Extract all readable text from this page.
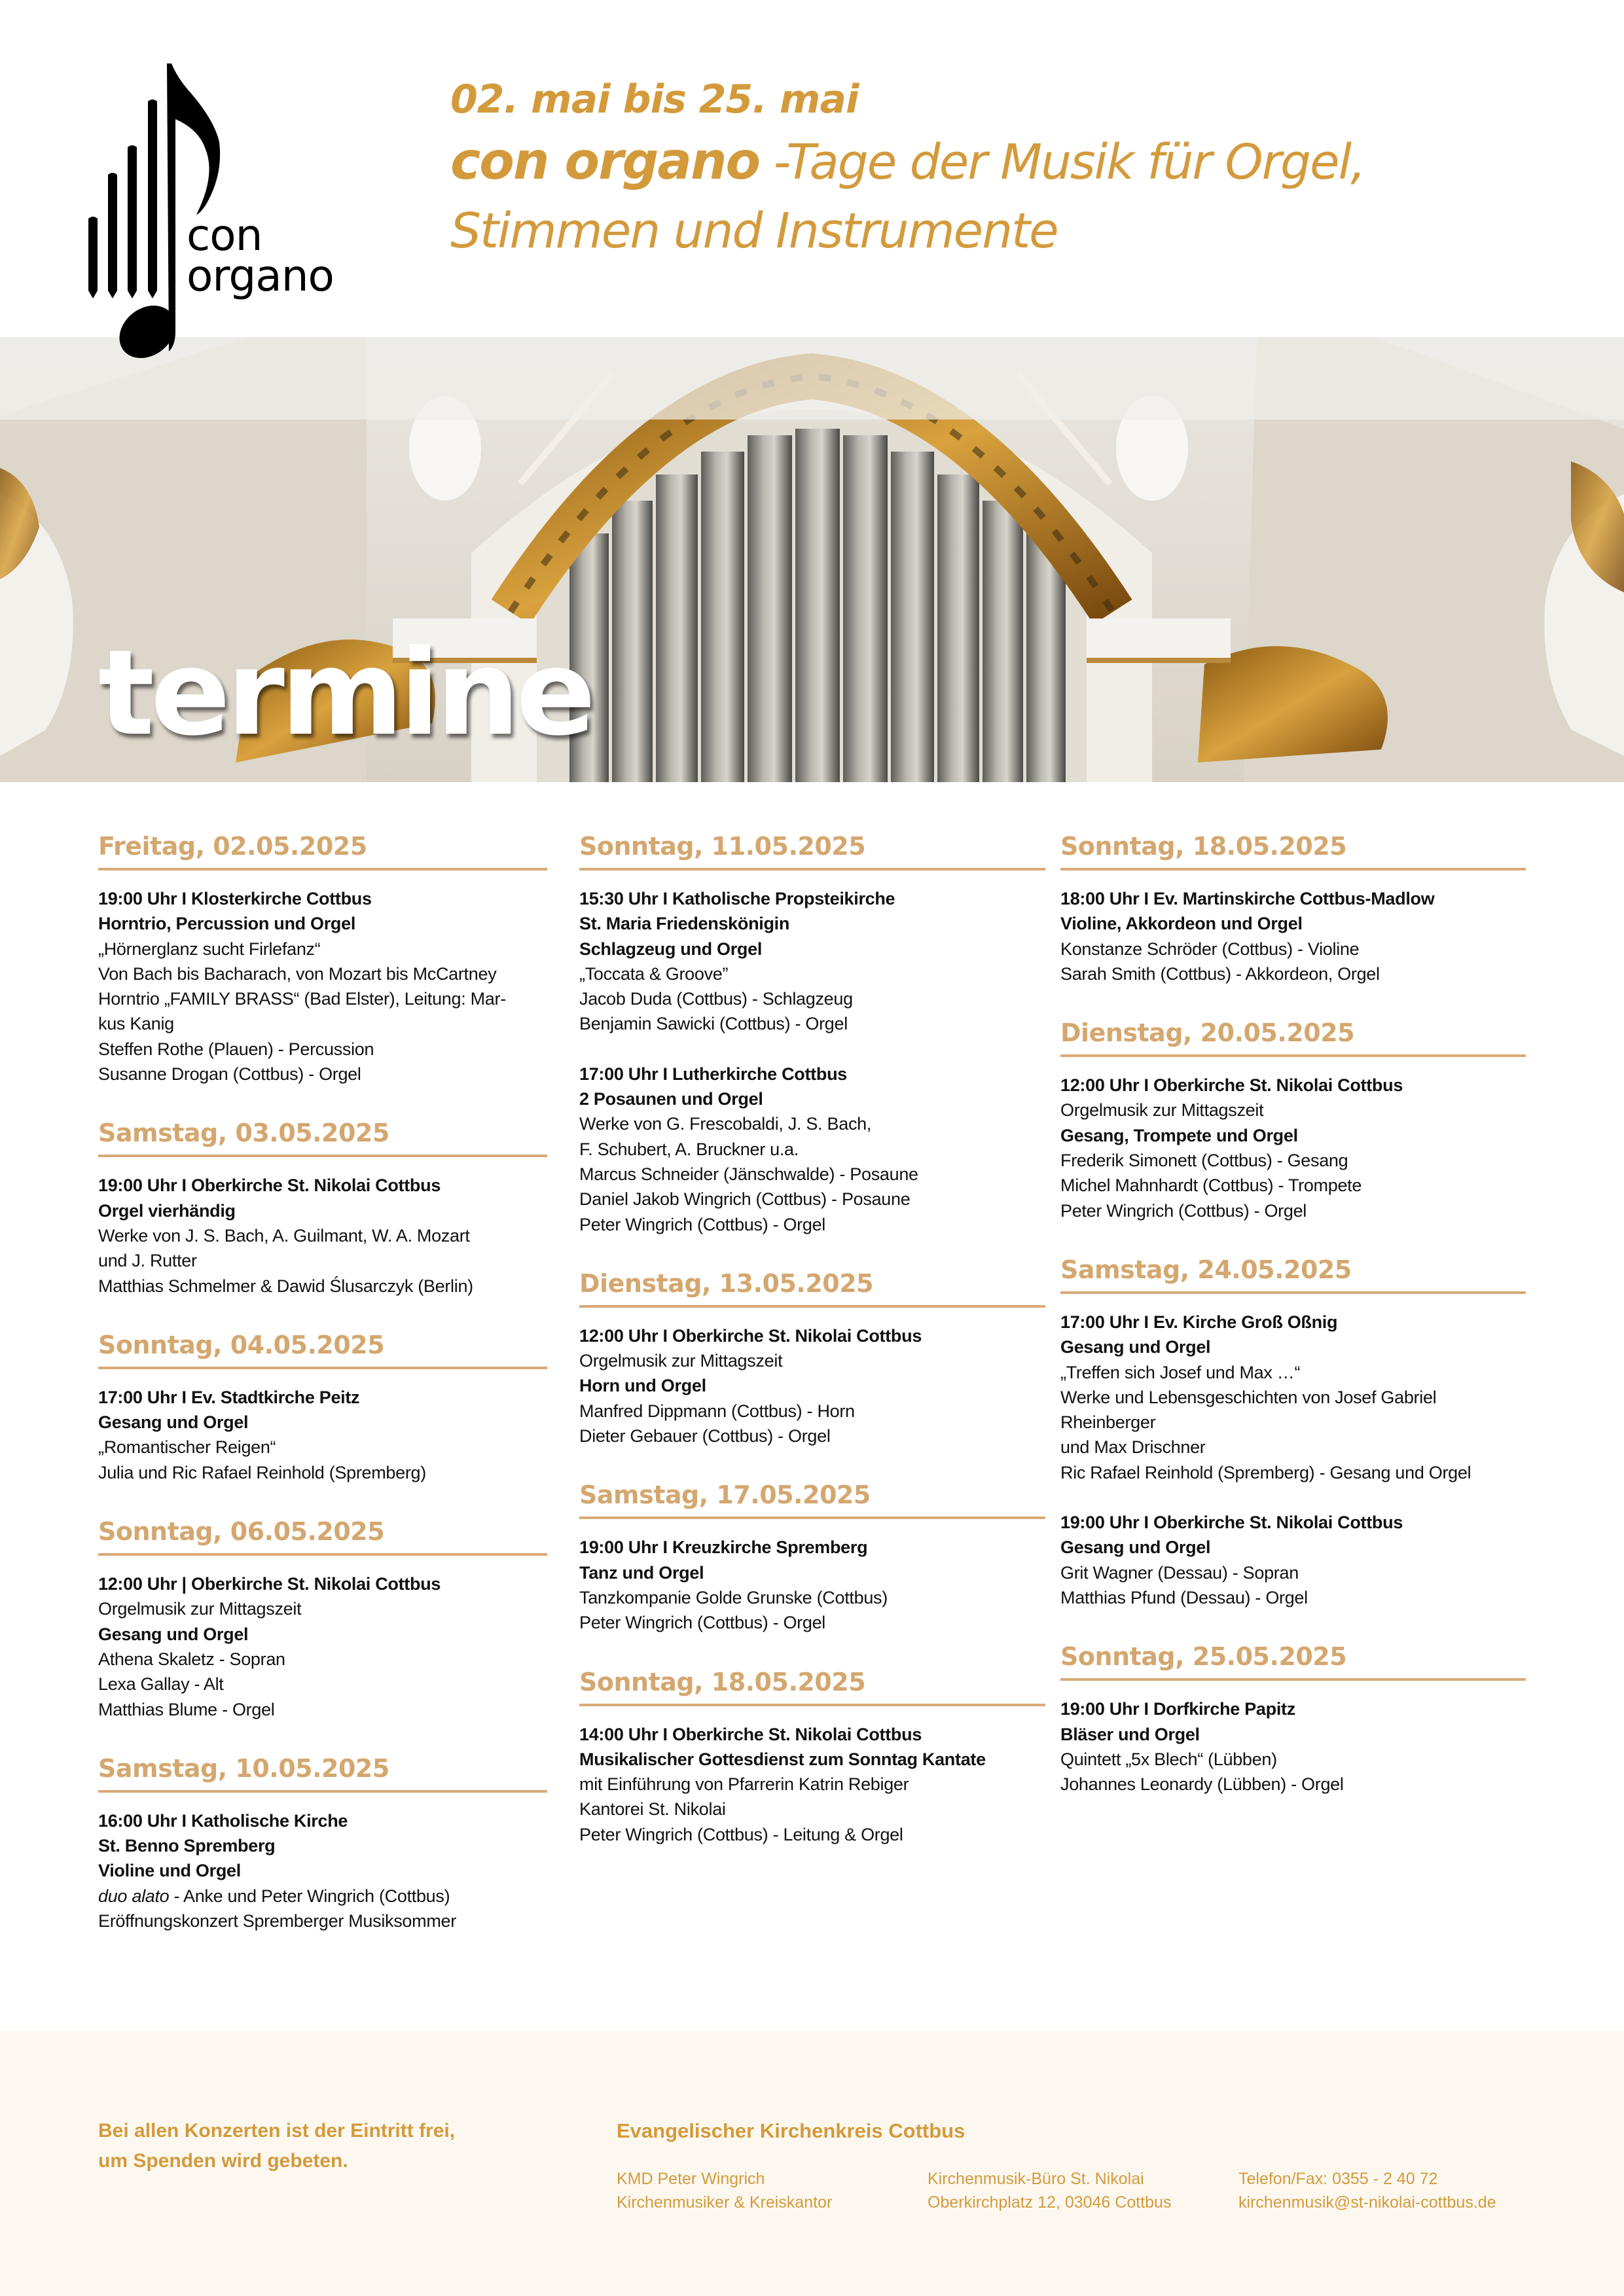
con
organo
02. mai bis 25. mai
con organo -Tage der Musik für Orgel,
Stimmen und Instrumente
termine
Freitag, 02.05.2025
19:00 Uhr I Klosterkirche Cottbus
Horntrio, Percussion und Orgel
„Hörnerglanz sucht Firlefanz“
Von Bach bis Bacharach, von Mozart bis McCartney
Horntrio „FAMILY BRASS“ (Bad Elster), Leitung: Mar-
kus Kanig
Steffen Rothe (Plauen) - Percussion
Susanne Drogan (Cottbus) - Orgel
Samstag, 03.05.2025
19:00 Uhr I Oberkirche St. Nikolai Cottbus
Orgel vierhändig
Werke von J. S. Bach, A. Guilmant, W. A. Mozart
und J. Rutter
Matthias Schmelmer & Dawid Ślusarczyk (Berlin)
Sonntag, 04.05.2025
17:00 Uhr I Ev. Stadtkirche Peitz
Gesang und Orgel
„Romantischer Reigen“
Julia und Ric Rafael Reinhold (Spremberg)
Sonntag, 06.05.2025
12:00 Uhr | Oberkirche St. Nikolai Cottbus
Orgelmusik zur Mittagszeit
Gesang und Orgel
Athena Skaletz - Sopran
Lexa Gallay - Alt
Matthias Blume - Orgel
Samstag, 10.05.2025
16:00 Uhr I Katholische Kirche
St. Benno Spremberg
Violine und Orgel
duo alato - Anke und Peter Wingrich (Cottbus)
Eröffnungskonzert Spremberger Musiksommer
Sonntag, 11.05.2025
15:30 Uhr I Katholische Propsteikirche
St. Maria Friedenskönigin
Schlagzeug und Orgel
„Toccata & Groove”
Jacob Duda (Cottbus) - Schlagzeug
Benjamin Sawicki (Cottbus) - Orgel
17:00 Uhr I Lutherkirche Cottbus
2 Posaunen und Orgel
Werke von G. Frescobaldi, J. S. Bach,
F. Schubert, A. Bruckner u.a.
Marcus Schneider (Jänschwalde) - Posaune
Daniel Jakob Wingrich (Cottbus) - Posaune
Peter Wingrich (Cottbus) - Orgel
Dienstag, 13.05.2025
12:00 Uhr I Oberkirche St. Nikolai Cottbus
Orgelmusik zur Mittagszeit
Horn und Orgel
Manfred Dippmann (Cottbus) - Horn
Dieter Gebauer (Cottbus) - Orgel
Samstag, 17.05.2025
19:00 Uhr I Kreuzkirche Spremberg
Tanz und Orgel
Tanzkompanie Golde Grunske (Cottbus)
Peter Wingrich (Cottbus) - Orgel
Sonntag, 18.05.2025
14:00 Uhr I Oberkirche St. Nikolai Cottbus
Musikalischer Gottesdienst zum Sonntag Kantate
mit Einführung von Pfarrerin Katrin Rebiger
Kantorei St. Nikolai
Peter Wingrich (Cottbus) - Leitung & Orgel
Sonntag, 18.05.2025
18:00 Uhr I Ev. Martinskirche Cottbus-Madlow
Violine, Akkordeon und Orgel
Konstanze Schröder (Cottbus) - Violine
Sarah Smith (Cottbus) - Akkordeon, Orgel
Dienstag, 20.05.2025
12:00 Uhr I Oberkirche St. Nikolai Cottbus
Orgelmusik zur Mittagszeit
Gesang, Trompete und Orgel
Frederik Simonett (Cottbus) - Gesang
Michel Mahnhardt (Cottbus) - Trompete
Peter Wingrich (Cottbus) - Orgel
Samstag, 24.05.2025
17:00 Uhr I Ev. Kirche Groß Oßnig
Gesang und Orgel
„Treffen sich Josef und Max …“
Werke und Lebensgeschichten von Josef Gabriel
Rheinberger
und Max Drischner
Ric Rafael Reinhold (Spremberg) - Gesang und Orgel
19:00 Uhr I Oberkirche St. Nikolai Cottbus
Gesang und Orgel
Grit Wagner (Dessau) - Sopran
Matthias Pfund (Dessau) - Orgel
Sonntag, 25.05.2025
19:00 Uhr I Dorfkirche Papitz
Bläser und Orgel
Quintett „5x Blech“ (Lübben)
Johannes Leonardy (Lübben) - Orgel
Bei allen Konzerten ist der Eintritt frei,
um Spenden wird gebeten.
Evangelischer Kirchenkreis Cottbus
KMD Peter Wingrich
Kirchenmusiker & Kreiskantor
Kirchenmusik-Büro St. Nikolai
Oberkirchplatz 12, 03046 Cottbus
Telefon/Fax: 0355 - 2 40 72
kirchenmusik@st-nikolai-cottbus.de
